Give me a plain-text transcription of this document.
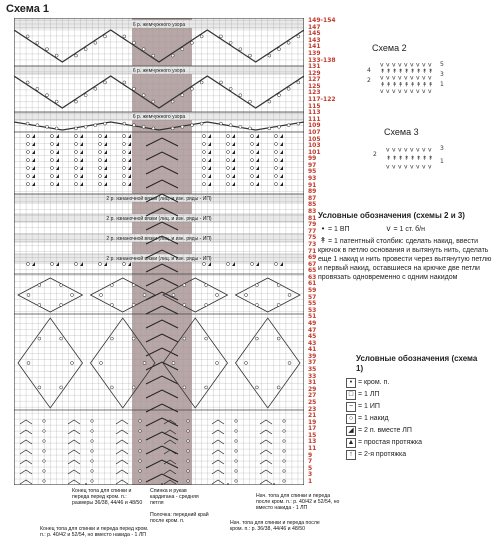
Схема 1
6 р. жемчужного узора
6 р. жемчужного узора
6 р. жемчужного узора
2 р. изнаночной вязки (лиц. и изн. ряды - ИП)
2 р. изнаночной вязки (лиц. и изн. ряды - ИП)
2 р. изнаночной вязки (лиц. и изн. ряды - ИП)
2 р. изнаночной вязки (лиц. и изн. ряды - ИП)
149-154
147
145
143
141
139
133-138
131
129
127
125
123
117-122
115
113
111
109
107
105
103
101
99
97
95
93
91
89
87
85
83
81
79
77
75
73
71
69
67
65
63
61
59
57
55
53
51
49
47
45
43
41
39
37
35
33
31
29
27
25
23
21
19
17
15
13
11
9
7
5
3
1
Конец топа для спинки и переда перед кром. п.: размеры 36/38, 44/46 и 48/50
Спинка и рукав кардигана - средняя петля
Нач. топа для спинки и переда после кром. п.: р. 40/42 и 52/54, но вместо накида - 1 ЛП
Конец топа для спинки и переда перед кром. п.: р. 40/42 и 52/54, но вместо накида - 1 ЛП
Полочка: передний край после кром. п.	Нач. топа для спинки и переда после кром. п.: р. 36/38, 44/46 и 48/50
Схема 2
v v v v v v v v v
↟ ↟ ↟ ↟ ↟ ↟ ↟ ↟ ↟
v v v v v v v v v
↟ ↟ ↟ ↟ ↟ ↟ ↟ ↟ ↟
v v v v v v v v v
5
3
1
4
2
Схема 3
v v v v v v v v
↟ ↟ ↟ ↟ ↟ ↟ ↟ ↟
v v v v v v v v
3
1
2
Условные обозначения (схемы 2 и 3)
• = 1 ВП	v = 1 ст. б/н
↟ = 1 патентный столбик: сделать накид, ввести крючок в петлю основания и вытянуть нить, сделать еще 1 накид и нить провести через вытянутую петлю и первый накид, оставшиеся на крючке две петли провязать одновременно с одним накидом
Условные обозначения (схема 1)
• = кром. п.
□ = 1 ЛП
− = 1 ИП
○ = 1 накид
◢ = 2 п. вместе ЛП
▲ = простая протяжка
↑ = 2-я протяжка
